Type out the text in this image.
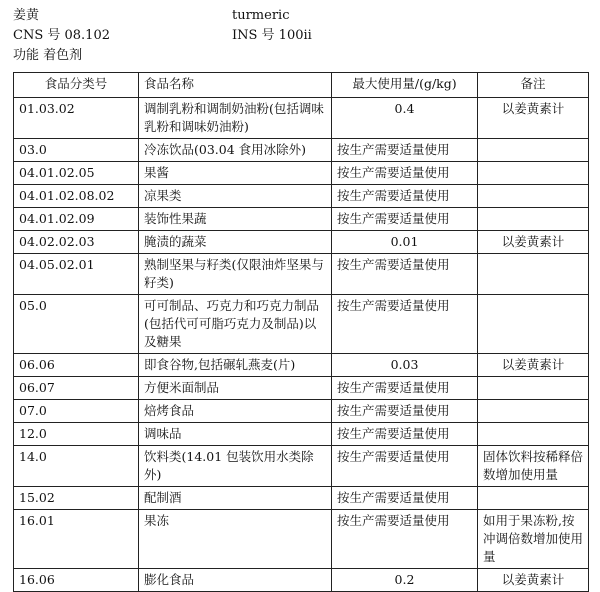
姜黄	turmeric
CNS 号 08.102	INS 号 100ii
功能 着色剂
食品分类号	食品名称	最大使用量/(g/kg)	备注
01.03.02	调制乳粉和调制奶油粉(包括调味乳粉和调味奶油粉)	0.4	以姜黄素计
03.0	冷冻饮品(03.04 食用冰除外)	按生产需要适量使用	
04.01.02.05	果酱	按生产需要适量使用	
04.01.02.08.02	凉果类	按生产需要适量使用	
04.01.02.09	装饰性果蔬	按生产需要适量使用	
04.02.02.03	腌渍的蔬菜	0.01	以姜黄素计
04.05.02.01	熟制坚果与籽类(仅限油炸坚果与籽类)	按生产需要适量使用	
05.0	可可制品、巧克力和巧克力制品(包括代可可脂巧克力及制品)以及糖果	按生产需要适量使用	
06.06	即食谷物,包括碾轧燕麦(片)	0.03	以姜黄素计
06.07	方便米面制品	按生产需要适量使用	
07.0	焙烤食品	按生产需要适量使用	
12.0	调味品	按生产需要适量使用	
14.0	饮料类(14.01 包装饮用水类除外)	按生产需要适量使用	固体饮料按稀释倍数增加使用量
15.02	配制酒	按生产需要适量使用	
16.01	果冻	按生产需要适量使用	如用于果冻粉,按冲调倍数增加使用量
16.06	膨化食品	0.2	以姜黄素计
